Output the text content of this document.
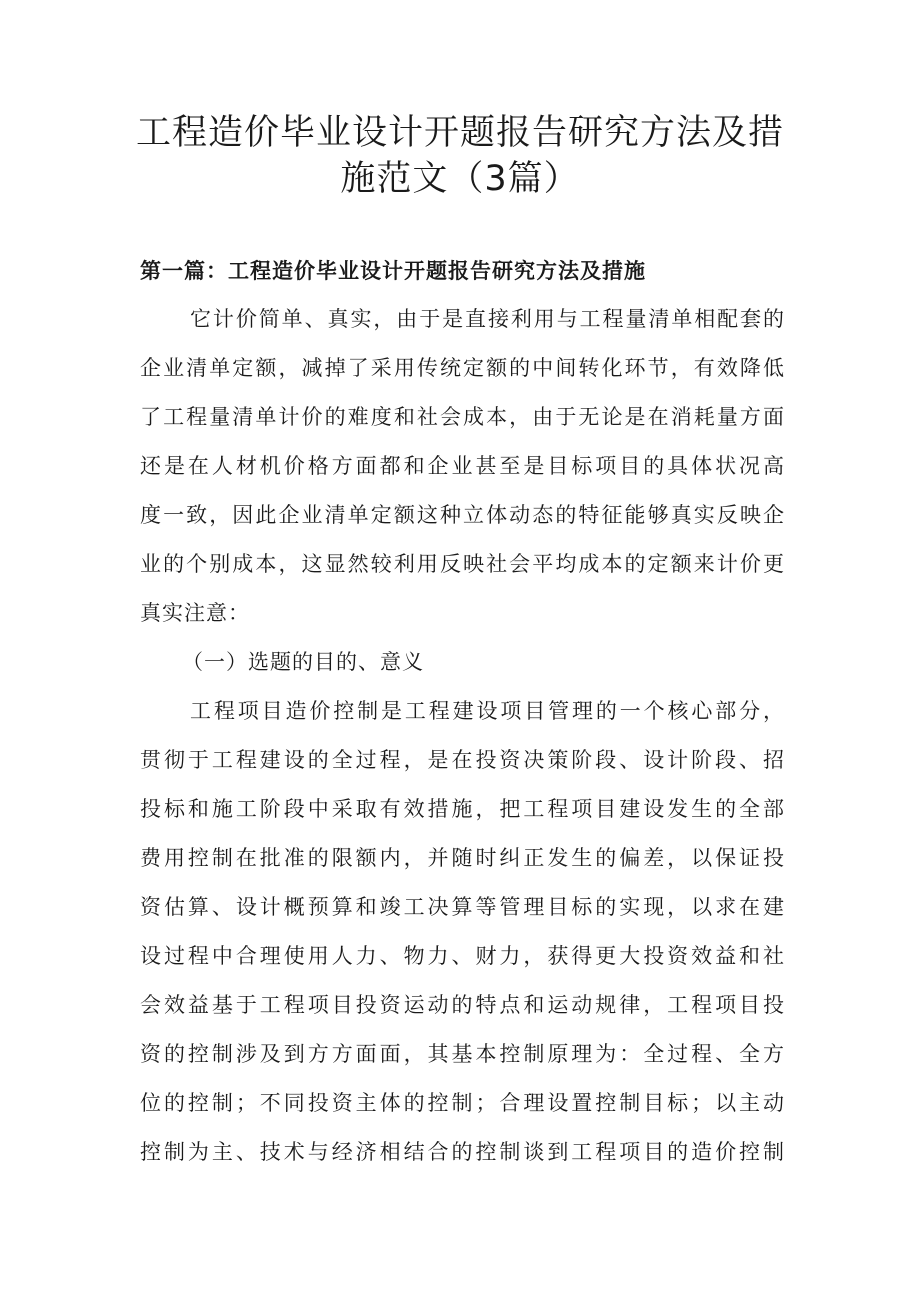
工程造价毕业设计开题报告研究方法及措
施范文（3篇）
第一篇：工程造价毕业设计开题报告研究方法及措施

它计价简单、真实，由于是直接利用与工程量清单相配套的

企业清单定额，减掉了采用传统定额的中间转化环节，有效降低

了工程量清单计价的难度和社会成本，由于无论是在消耗量方面

还是在人材机价格方面都和企业甚至是目标项目的具体状况高

度一致，因此企业清单定额这种立体动态的特征能够真实反映企

业的个别成本，这显然较利用反映社会平均成本的定额来计价更

真实注意：

（一）选题的目的、意义

工程项目造价控制是工程建设项目管理的一个核心部分，

贯彻于工程建设的全过程，是在投资决策阶段、设计阶段、招

投标和施工阶段中采取有效措施，把工程项目建设发生的全部

费用控制在批准的限额内，并随时纠正发生的偏差，以保证投

资估算、设计概预算和竣工决算等管理目标的实现，以求在建

设过程中合理使用人力、物力、财力，获得更大投资效益和社

会效益基于工程项目投资运动的特点和运动规律，工程项目投

资的控制涉及到方方面面，其基本控制原理为：全过程、全方

位的控制；不同投资主体的控制；合理设置控制目标；以主动

控制为主、技术与经济相结合的控制谈到工程项目的造价控制
